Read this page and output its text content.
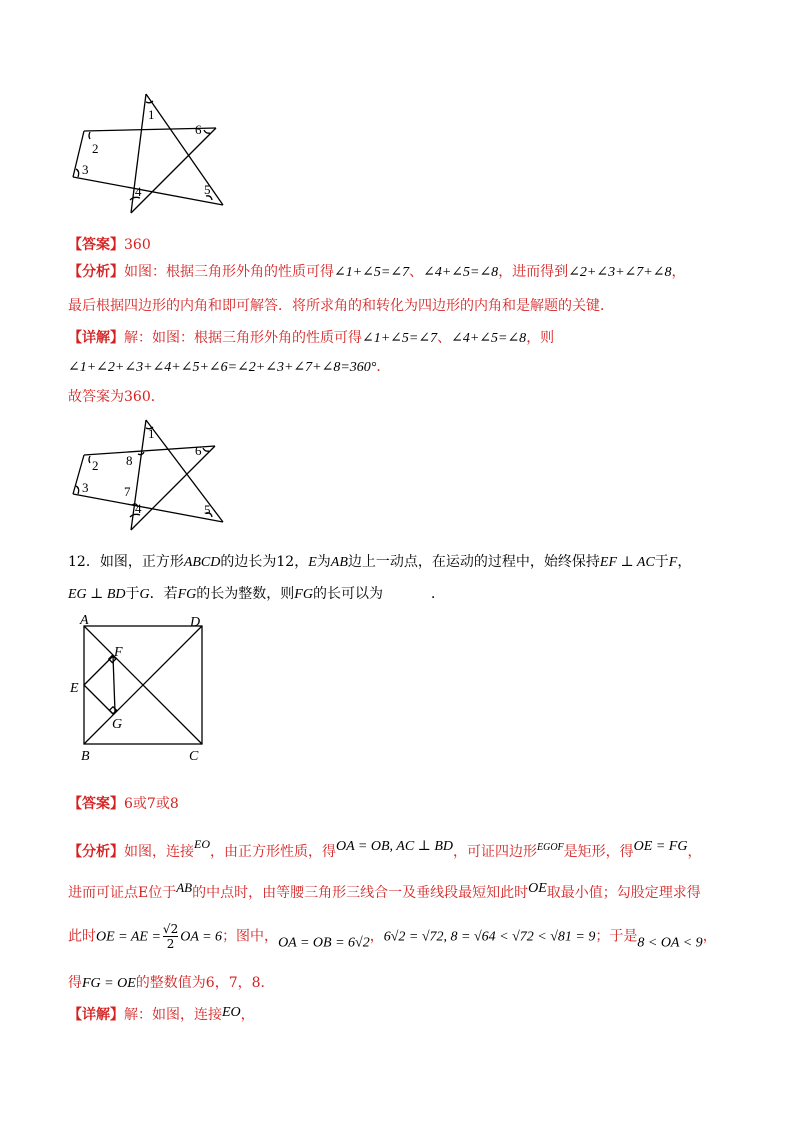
1
2
3
4	5
6
【答案】360
【分析】如图：根据三角形外角的性质可得∠1+∠5=∠7、∠4+∠5=∠8，进而得到∠2+∠3+∠7+∠8，
最后根据四边形的内角和即可解答．将所求角的和转化为四边形的内角和是解题的关键．
【详解】解：如图：根据三角形外角的性质可得∠1+∠5=∠7、∠4+∠5=∠8，则
∠1+∠2+∠3+∠4+∠5+∠6=∠2+∠3+∠7+∠8=360°．
故答案为360．
1
2
3
4	5
6
7
8
12．如图，正方形ABCD的边长为12，E为AB边上一动点，在运动的过程中，始终保持EF ⊥ AC于F，
EG ⊥ BD于G．若FG的长为整数，则FG的长可以为	．
A	D
F
E
G
B	C
【答案】6或7或8
【分析】如图，连接EO，由正方形性质，得OA = OB, AC ⊥ BD，可证四边形$^{EGOF}$是矩形，得OE = FG，
进而可证点E位于AB的中点时，由等腰三角形三线合一及垂线段最短知此时OE取最小值；勾股定理求得
此时OE = AE = $\frac{√2}{2}$ OA = 6；图中，OA = OB = 6√2，6√2 = √72, 8 = √64 < √72 < √81 = 9；于是8 < OA < 9，
得FG = OE的整数值为6，7，8．
【详解】解：如图，连接EO，
